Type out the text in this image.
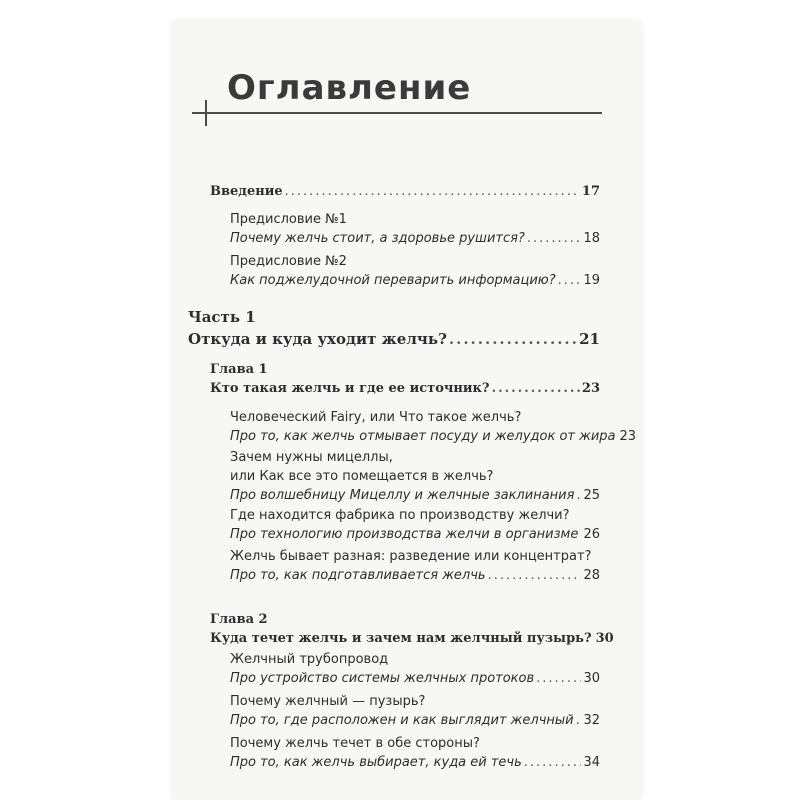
Оглавление
Введение .....	17
Предисловие №1
Почему желчь стоит, а здоровье рушится? .....	18
Предисловие №2
Как поджелудочной переварить информацию? ..... 19
Часть 1
Откуда и куда уходит желчь? .....	21
Глава 1
Кто такая желчь и где ее источник? .....	23
Человеческий Fairy, или Что такое желчь?
Про то, как желчь отмывает посуду и желудок от жира 23
Зачем нужны мицеллы,
или Как все это помещается в желчь?
Про волшебницу Мицеллу и желчные заклинания ..... 25
Где находится фабрика по производству желчи?
Про технологию производства желчи в организме ..... 26
Желчь бывает разная: разведение или концентрат?
Про то, как подготавливается желчь .....	28
Глава 2
Куда течет желчь и зачем нам желчный пузырь? 30
Желчный трубопровод
Про устройство системы желчных протоков .....	30
Почему желчный — пузырь?
Про то, где расположен и как выглядит желчный ..... 32
Почему желчь течет в обе стороны?
Про то, как желчь выбирает, куда ей течь .....	34
